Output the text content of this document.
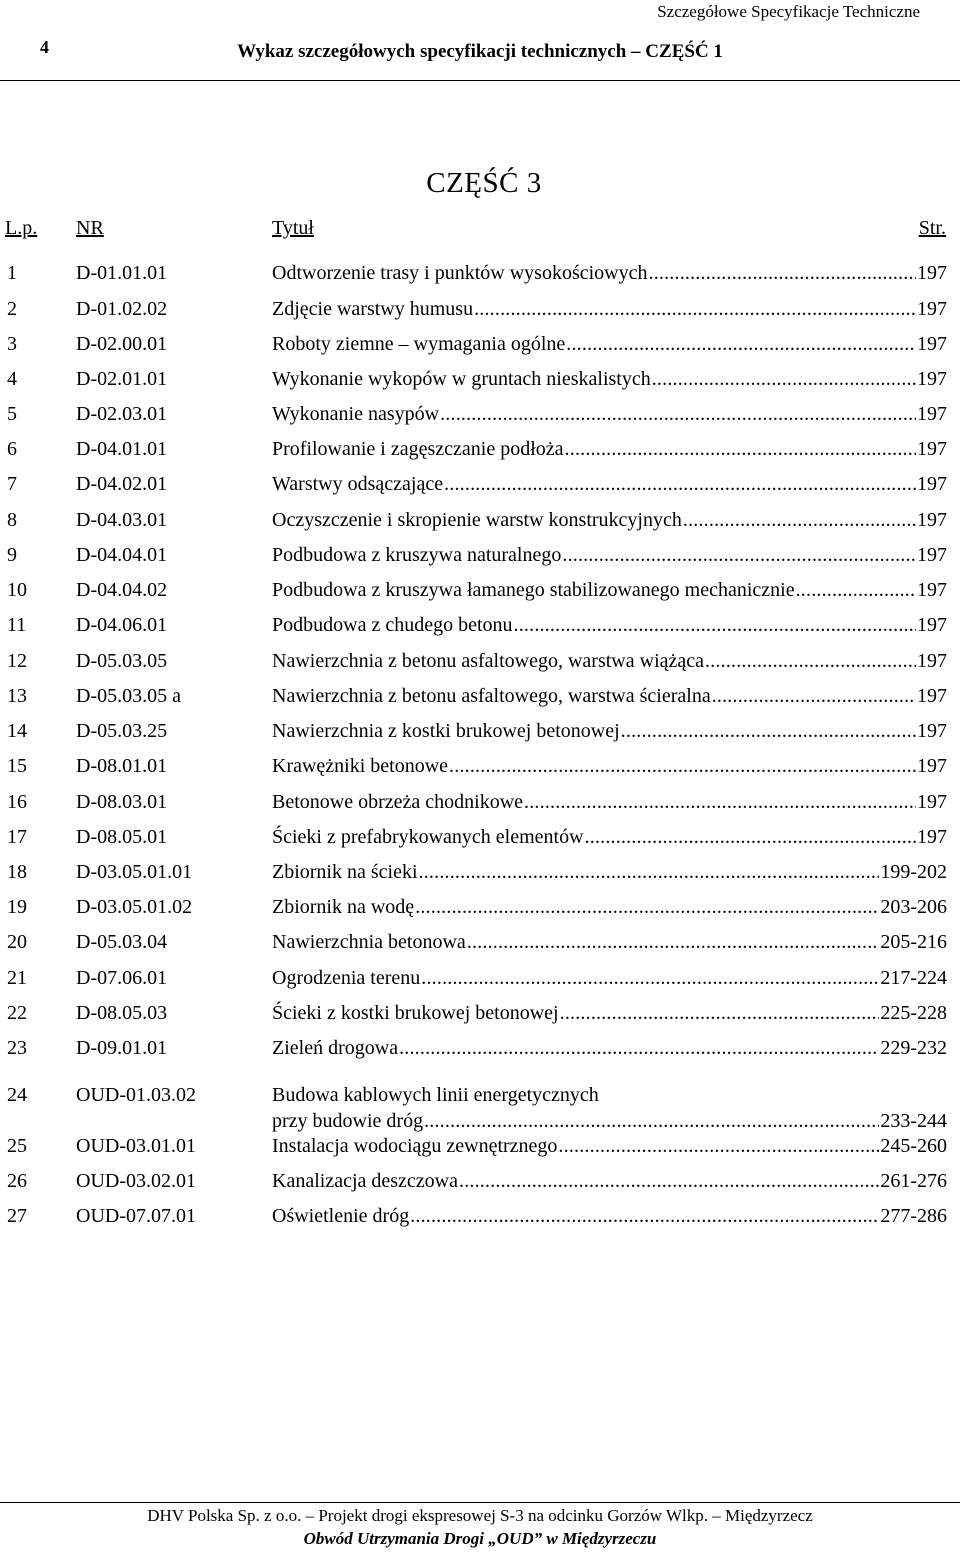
Szczegółowe Specyfikacje Techniczne
4	Wykaz szczegółowych specyfikacji technicznych – CZĘŚĆ 1
CZĘŚĆ 3
L.p. NR	Tytuł	Str.
1	D-01.01.01	Odtworzenie trasy i punktów wysokościowych .....	197
2	D-01.02.02	Zdjęcie warstwy humusu .....	197
3	D-02.00.01	Roboty ziemne – wymagania ogólne .....	197
4	D-02.01.01	Wykonanie wykopów w gruntach nieskalistych .....	197
5	D-02.03.01	Wykonanie nasypów .....	197
6	D-04.01.01	Profilowanie i zagęszczanie podłoża .....	197
7	D-04.02.01	Warstwy odsączające .....	197
8	D-04.03.01	Oczyszczenie i skropienie warstw konstrukcyjnych .....	197
9	D-04.04.01	Podbudowa z kruszywa naturalnego .....	197
10 D-04.04.02	Podbudowa z kruszywa łamanego stabilizowanego mechanicznie .....	197
11 D-04.06.01	Podbudowa z chudego betonu .....	197
12 D-05.03.05	Nawierzchnia z betonu asfaltowego, warstwa wiążąca .....	197
13 D-05.03.05 a	Nawierzchnia z betonu asfaltowego, warstwa ścieralna .....	197
14 D-05.03.25	Nawierzchnia z kostki brukowej betonowej .....	197
15 D-08.01.01	Krawężniki betonowe .....	197
16 D-08.03.01	Betonowe obrzeża chodnikowe .....	197
17 D-08.05.01	Ścieki z prefabrykowanych elementów .....	197
18 D-03.05.01.01	Zbiornik na ścieki .....	199-202
19 D-03.05.01.02	Zbiornik na wodę .....	203-206
20 D-05.03.04	Nawierzchnia betonowa .....	205-216
21 D-07.06.01	Ogrodzenia terenu .....	217-224
22 D-08.05.03	Ścieki z kostki brukowej betonowej .....	225-228
23 D-09.01.01	Zieleń drogowa .....	229-232
24 OUD-01.03.02	Budowa kablowych linii energetycznych
przy budowie dróg .....	233-244
25 OUD-03.01.01	Instalacja wodociągu zewnętrznego .....	245-260
26 OUD-03.02.01	Kanalizacja deszczowa .....	261-276
27 OUD-07.07.01	Oświetlenie dróg .....	277-286
DHV Polska Sp. z o.o. – Projekt drogi ekspresowej S-3 na odcinku Gorzów Wlkp. – Międzyrzecz
Obwód Utrzymania Drogi „OUD” w Międzyrzeczu
